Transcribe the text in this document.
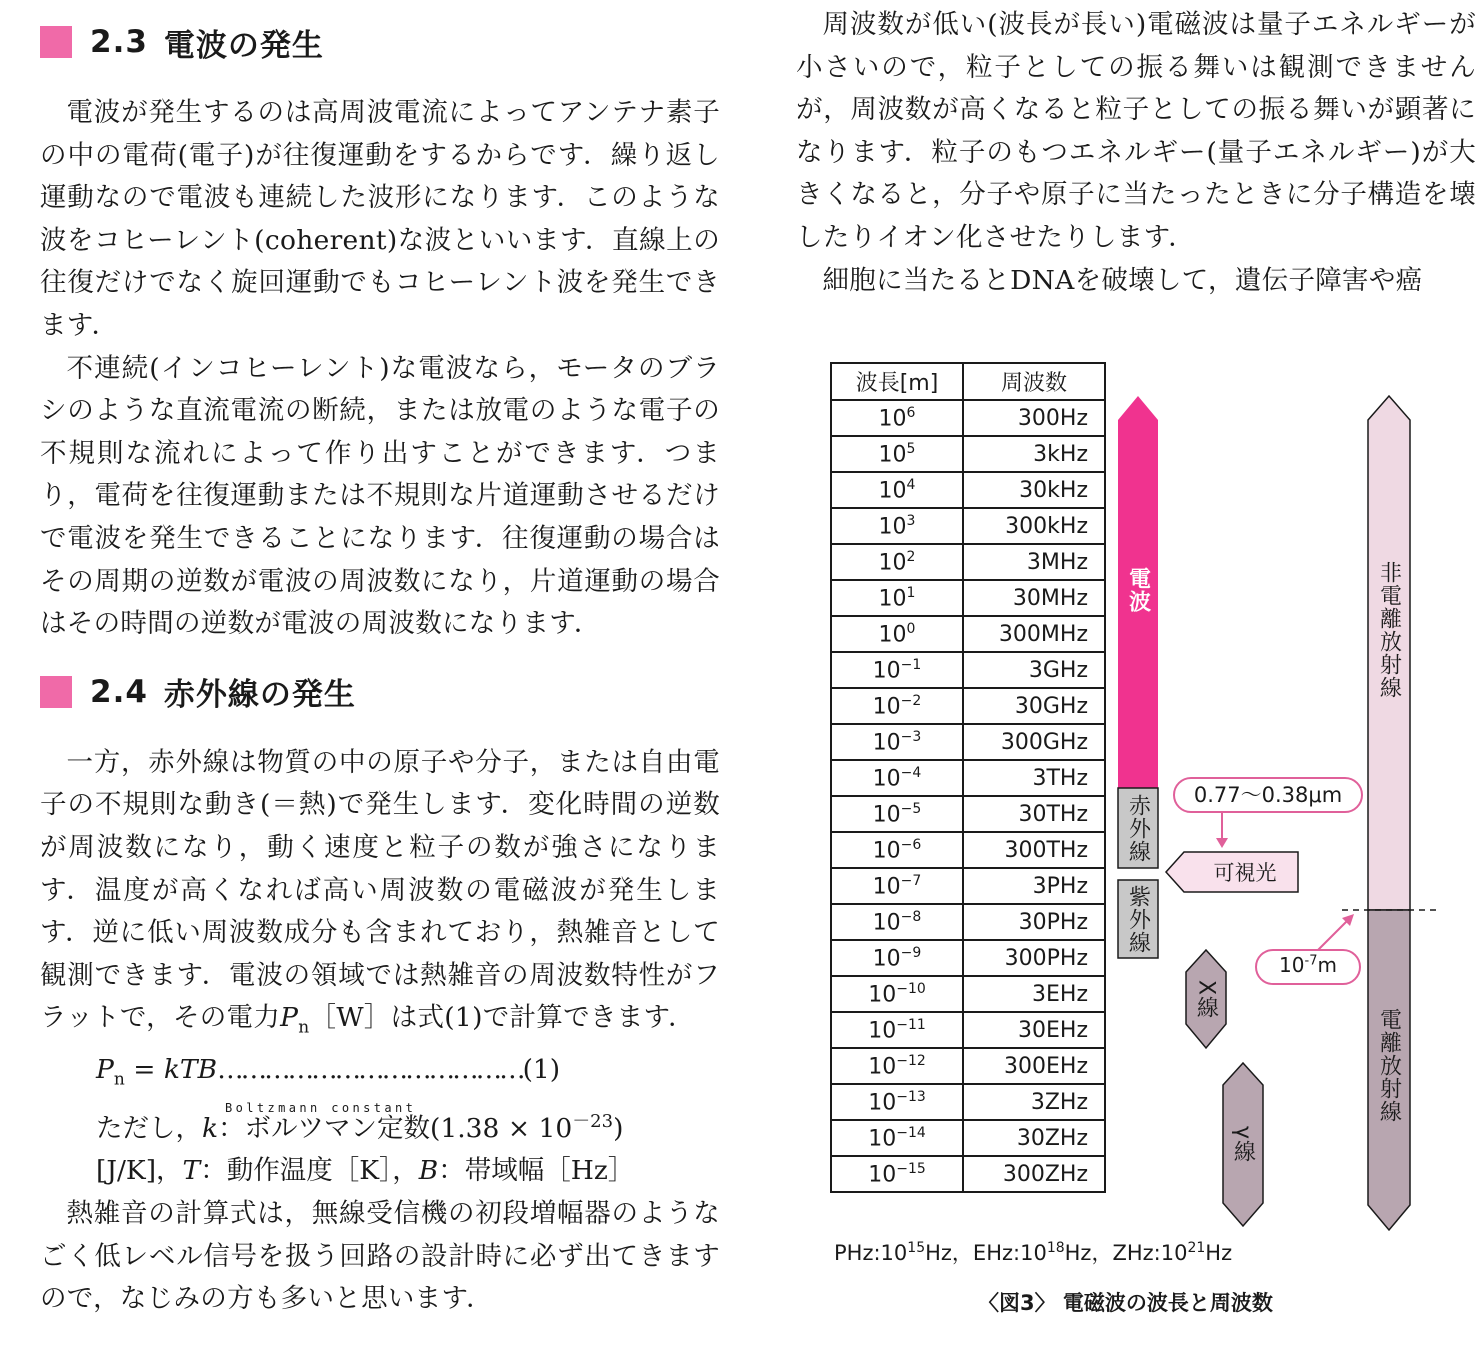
2.3 電波の発生

電波が発生するのは高周波電流によってアンテナ素子の中の電荷(電子)が往復運動をするからです．繰り返し運動なので電波も連続した波形になります．このような波をコヒーレント(coherent)な波といいます．直線上の往復だけでなく旋回運動でもコヒーレント波を発生できます．

不連続(インコヒーレント)な電波なら，モータのブラシのような直流電流の断続，または放電のような電子の不規則な流れによって作り出すことができます．つまり，電荷を往復運動または不規則な片道運動させるだけで電波を発生できることになります．往復運動の場合はその周期の逆数が電波の周波数になり，片道運動の場合はその時間の逆数が電波の周波数になります．

2.4 赤外線の発生

一方，赤外線は物質の中の原子や分子，または自由電子の不規則な動き(＝熱)で発生します．変化時間の逆数が周波数になり，動く速度と粒子の数が強さになります．温度が高くなれば高い周波数の電磁波が発生します．逆に低い周波数成分も含まれており，熱雑音として観測できます．電波の領域では熱雑音の周波数特性がフラットで，その電力$P_n[W]$は式(1)で計算できます．

$P_n$ = kTB…………………………………(1)

Boltzmann constant
ただし，k：ボルツマン定数$(1.38 \times 10^{-23})$

[J/K]，T：動作温度［K］，B：帯域幅［Hz］

熱雑音の計算式は，無線受信機の初段増幅器のようなごく低レベル信号を扱う回路の設計時に必ず出てきますので，なじみの方も多いと思います．

周波数が低い(波長が長い)電磁波は量子エネルギーが小さいので，粒子としての振る舞いは観測できませんが，周波数が高くなると粒子としての振る舞いが顕著になります．粒子のもつエネルギー(量子エネルギー)が大きくなると，分子や原子に当たったときに分子構造を壊したりイオン化させたりします．

細胞に当たるとDNAを破壊して，遺伝子障害や癌

波長[m]	周波数
$10^6$	300Hz
$10^5$	3kHz
$10^4$	30kHz
$10^3$	300kHz
$10^2$	3MHz
$10^1$	30MHz
$10^0$	300MHz
$10^{-1}$	3GHz
$10^{-2}$	30GHz
$10^{-3}$	300GHz
$10^{-4}$	3THz
$10^{-5}$	30THz
$10^{-6}$	300THz
$10^{-7}$	3PHz
$10^{-8}$	30PHz
$10^{-9}$	300PHz
$10^{-10}$	3EHz
$10^{-11}$	30EHz
$10^{-12}$	300EHz
$10^{-13}$	3ZHz
$10^{-14}$	30ZHz
$10^{-15}$	300ZHz
電波
赤外線
紫外線
X線
γ線
非電離放射線
電離放射線
0.77〜0.38μm
可視光
$10^{-7}m$
$PHz:10^{15}Hz$，$EHz:10^{18}Hz$，$ZHz:10^{21}Hz$
〈図3〉 電磁波の波長と周波数
